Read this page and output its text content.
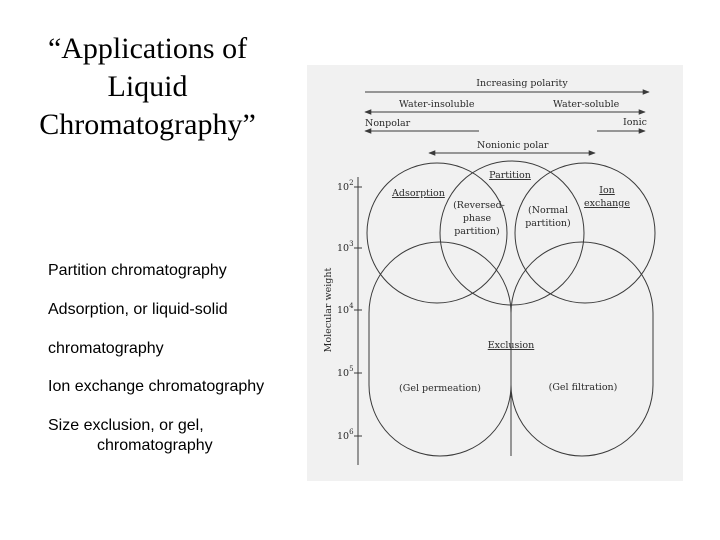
“Applications of
Liquid
Chromatography”
Partition chromatography
Adsorption, or liquid-solid
chromatography
Ion exchange chromatography
Size exclusion, or gel,
chromatography
Increasing polarity
Water-insoluble	Water-soluble
Nonpolar	Ionic
Nonionic polar
Molecular weight
$10^2$
$10^3$
$10^4$
$10^5$
$10^6$
Partition
Adsorption	Ion
exchange
(Reversed-
phase
partition)
(Normal
partition)
Exclusion
(Gel permeation)	(Gel filtration)
